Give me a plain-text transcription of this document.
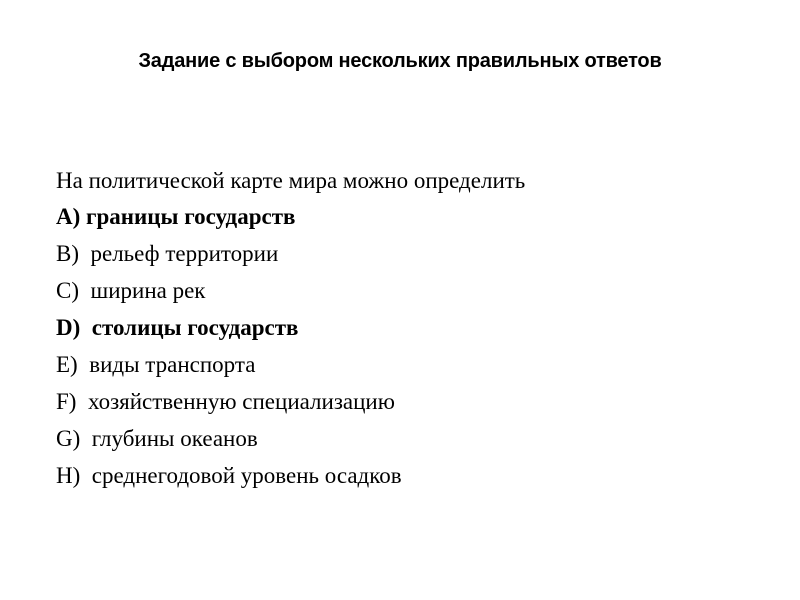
Задание с выбором нескольких правильных ответов
На политической карте мира можно определить
A) границы государств
B) рельеф территории
C) ширина рек
D) столицы государств
E) виды транспорта
F) хозяйственную специализацию
G) глубины океанов
H) среднегодовой уровень осадков
